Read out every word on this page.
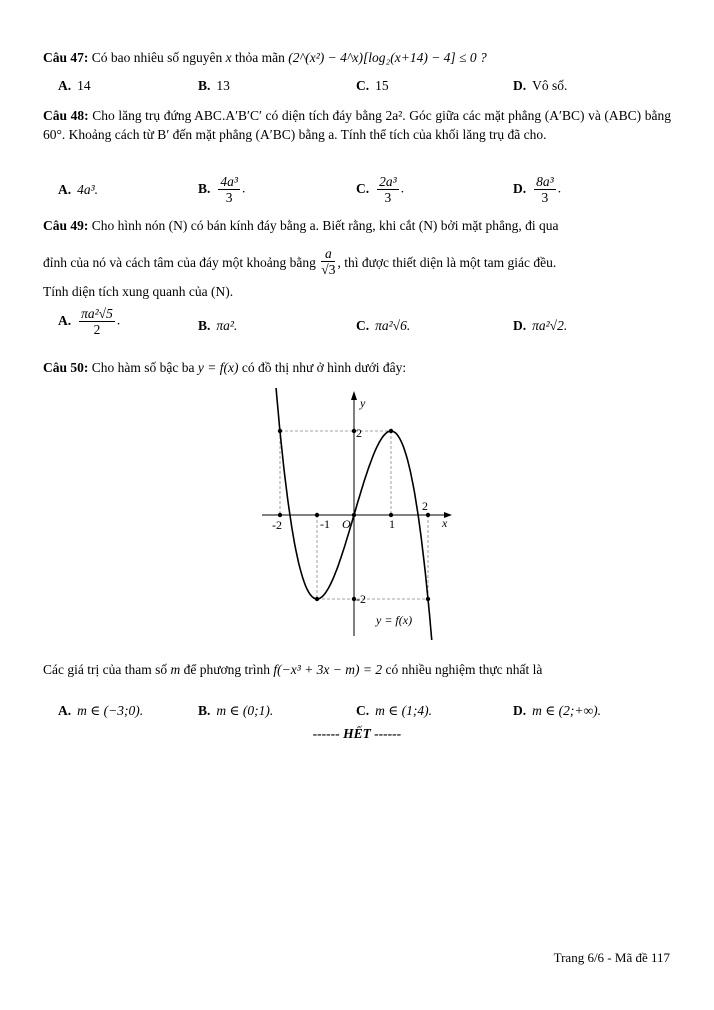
Câu 47: Có bao nhiêu số nguyên x thỏa mãn (2^(x²) − 4^x)[log₂(x+14) − 4] ≤ 0 ?
A. 14	B. 13	C. 15	D. Vô số.
Câu 48: Cho lăng trụ đứng ABC.A′B′C′ có diện tích đáy bằng 2a². Góc giữa các mặt phẳng (A′BC) và (ABC) bằng 60°. Khoảng cách từ B′ đến mặt phẳng (A′BC) bằng a. Tính thể tích của khối lăng trụ đã cho.
A. 4a³.	B. $\frac{\text{4a³}}{3}$ .	C. $\frac{\text{2a³}}{3}$ .	D. $\frac{\text{8a³}}{3}$ .
Câu 49: Cho hình nón (N) có bán kính đáy bằng a. Biết rằng, khi cắt (N) bởi mặt phẳng, đi qua
đỉnh của nó và cách tâm của đáy một khoảng bằng $\frac{a}{√3}$ , thì được thiết diện là một tam giác đều.
Tính diện tích xung quanh của (N).
A. $\frac{\text{πa²√5}}{2}$ .	B. πa².	C. πa²√6.	D. πa²√2.
Câu 50: Cho hàm số bậc ba y = f(x) có đồ thị như ở hình dưới đây:
y
x
O
-2	-1	1
2
2
-2
y = f(x)
Các giá trị của tham số m để phương trình f(−x³ + 3x − m) = 2 có nhiều nghiệm thực nhất là
A. m ∈ (−3;0).	B. m ∈ (0;1).	C. m ∈ (1;4).	D. m ∈ (2;+∞).
------ HẾT ------
Trang 6/6 - Mã đề 117
